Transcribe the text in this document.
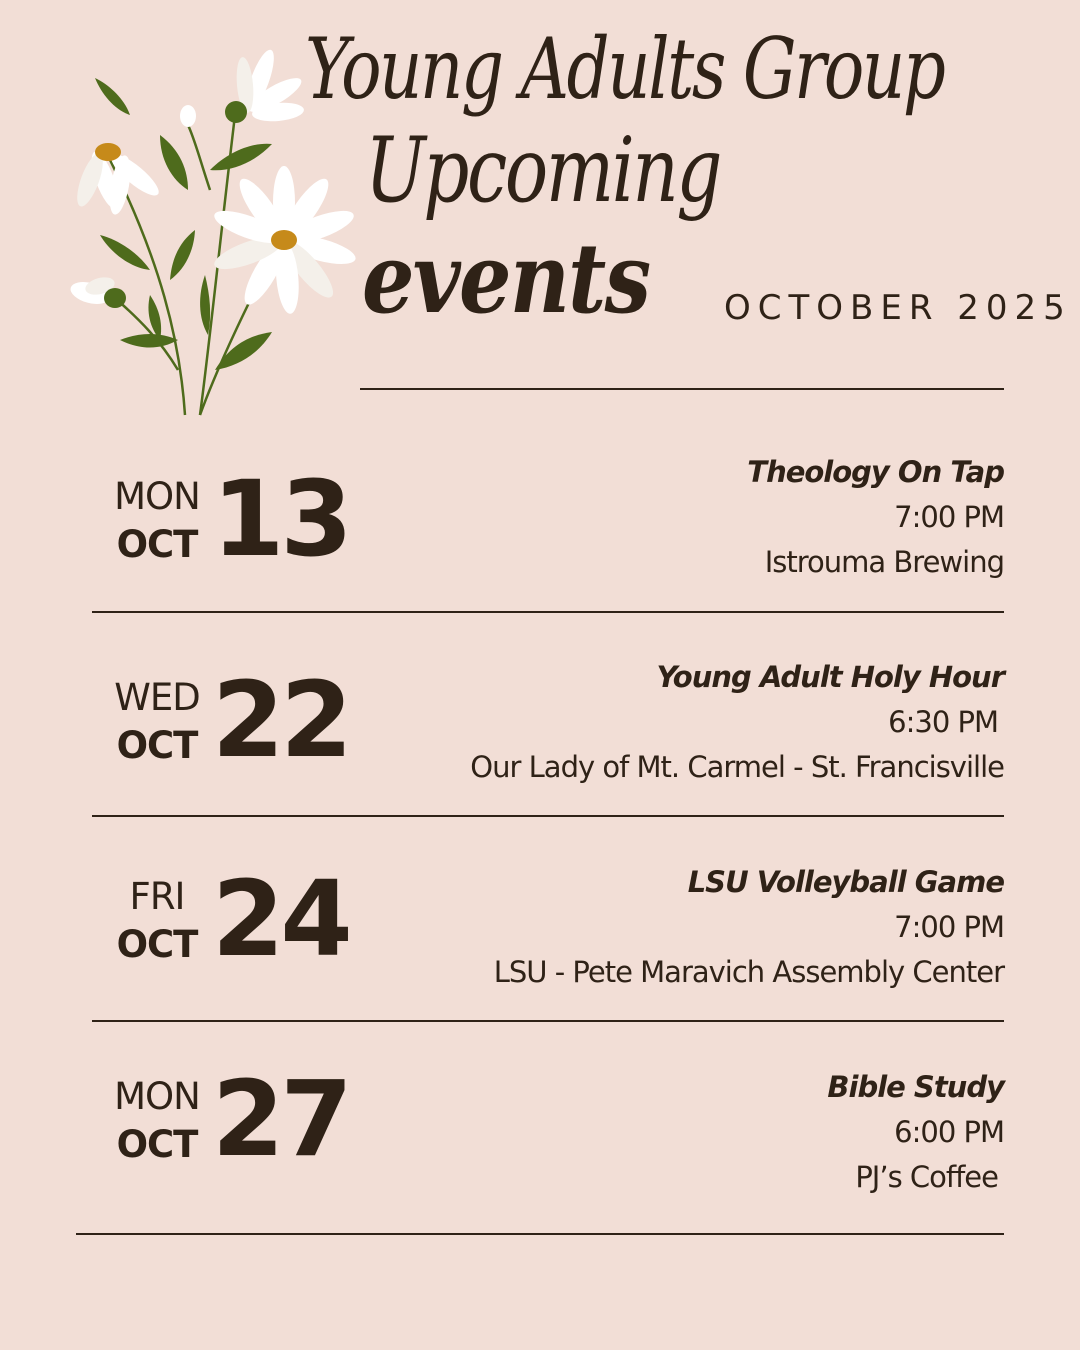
Young Adults Group
Upcoming
events OCTOBER 2025
MON
OCT 13	Theology On Tap
7:00 PM
Istrouma Brewing
WED
OCT 22	Young Adult Holy Hour
6:30 PM
Our Lady of Mt. Carmel - St. Francisville
FRI
OCT 24	LSU Volleyball Game
7:00 PM
LSU - Pete Maravich Assembly Center
MON
OCT 27	Bible Study
6:00 PM
PJ’s Coffee
